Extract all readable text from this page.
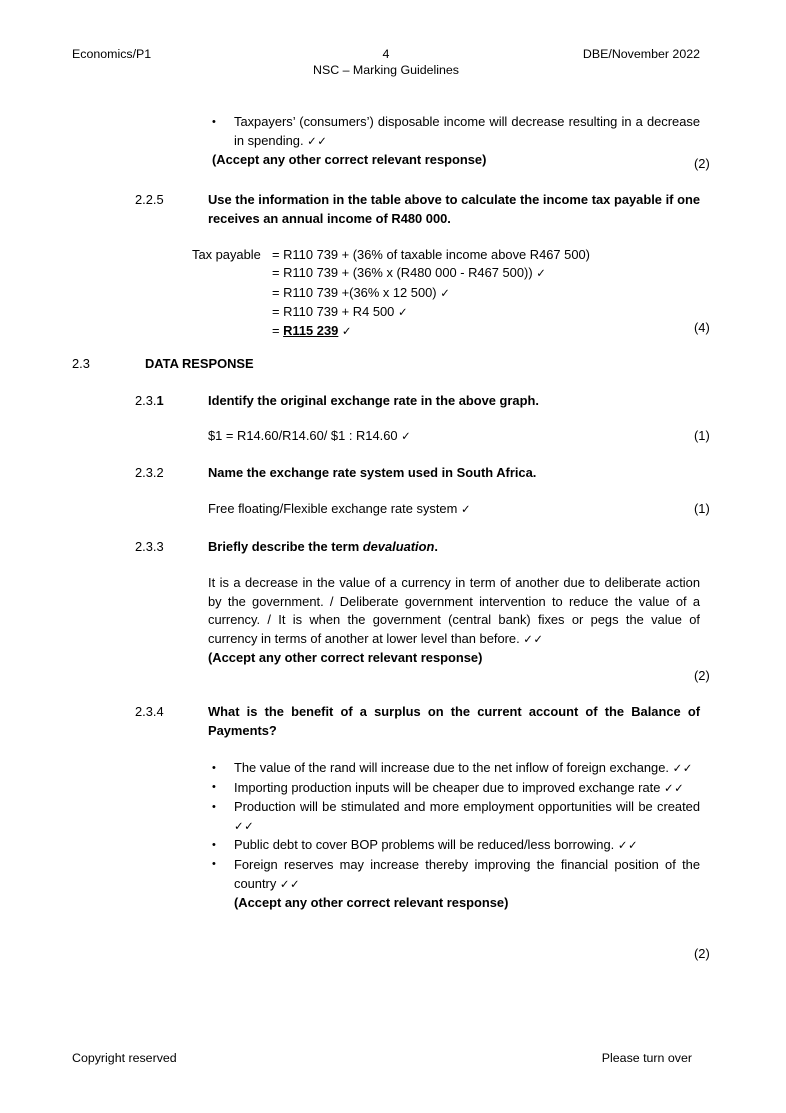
Economics/P1	4	DBE/November 2022
NSC – Marking Guidelines
• Taxpayers’ (consumers’) disposable income will decrease resulting in a decrease in spending. ✓✓
(Accept any other correct relevant response)	(2)
2.2.5	Use the information in the table above to calculate the income tax payable if one receives an annual income of R480 000.
Tax payable = R110 739 + (36% of taxable income above R467 500)
= R110 739 + (36% x (R480 000 - R467 500)) ✓
= R110 739 +(36% x 12 500) ✓
= R110 739 + R4 500 ✓
= R115 239 ✓	(4)
2.3	DATA RESPONSE
2.3.1	Identify the original exchange rate in the above graph.
$1 = R14.60/R14.60/ $1 : R14.60 ✓	(1)
2.3.2	Name the exchange rate system used in South Africa.
Free floating/Flexible exchange rate system ✓	(1)
2.3.3	Briefly describe the term devaluation.
It is a decrease in the value of a currency in term of another due to deliberate action by the government. / Deliberate government intervention to reduce the value of a currency. / It is when the government (central bank) fixes or pegs the value of currency in terms of another at lower level than before. ✓✓
(Accept any other correct relevant response)
(2)
2.3.4	What is the benefit of a surplus on the current account of the Balance of Payments?
• The value of the rand will increase due to the net inflow of foreign exchange. ✓✓
• Importing production inputs will be cheaper due to improved exchange rate ✓✓
• Production will be stimulated and more employment opportunities will be created ✓✓
• Public debt to cover BOP problems will be reduced/less borrowing. ✓✓
• Foreign reserves may increase thereby improving the financial position of the country ✓✓
(Accept any other correct relevant response)
(2)
Copyright reserved	Please turn over
